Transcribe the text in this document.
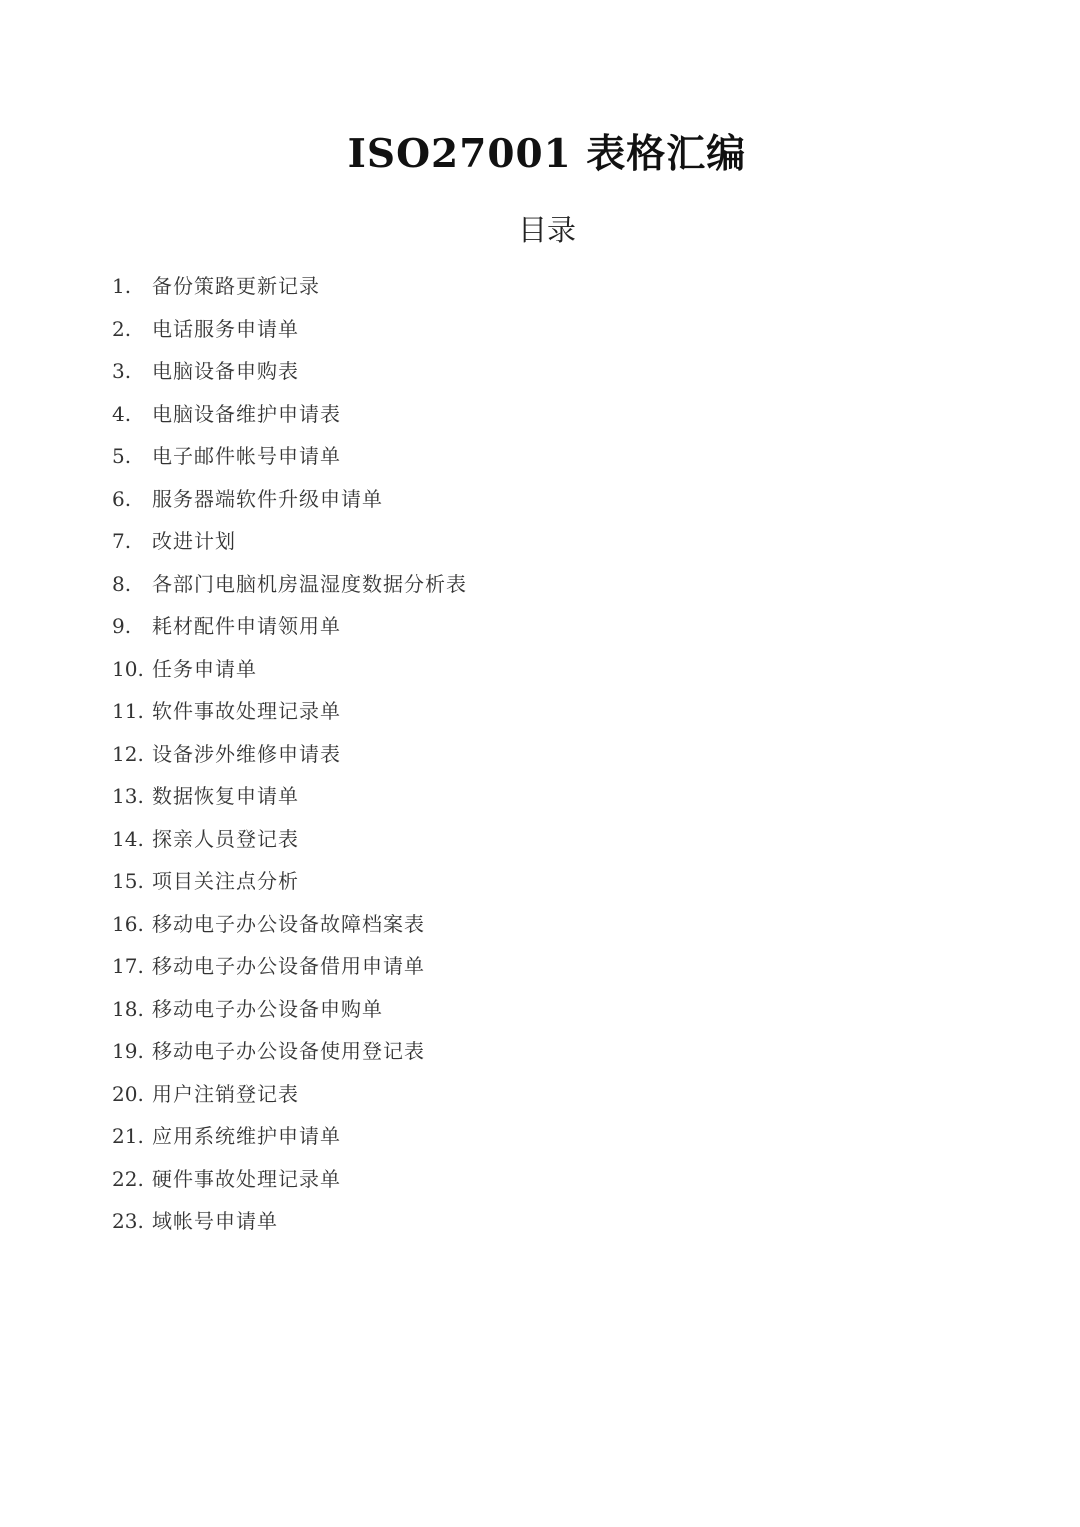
ISO27001 表格汇编
目录
1.	备份策路更新记录
2.	电话服务申请单
3.	电脑设备申购表
4.	电脑设备维护申请表
5.	电子邮件帐号申请单
6.	服务器端软件升级申请单
7.	改进计划
8.	各部门电脑机房温湿度数据分析表
9.	耗材配件申请领用单
10. 任务申请单
11. 软件事故处理记录单
12. 设备涉外维修申请表
13. 数据恢复申请单
14. 探亲人员登记表
15. 项目关注点分析
16. 移动电子办公设备故障档案表
17. 移动电子办公设备借用申请单
18. 移动电子办公设备申购单
19. 移动电子办公设备使用登记表
20. 用户注销登记表
21. 应用系统维护申请单
22. 硬件事故处理记录单
23. 域帐号申请单
